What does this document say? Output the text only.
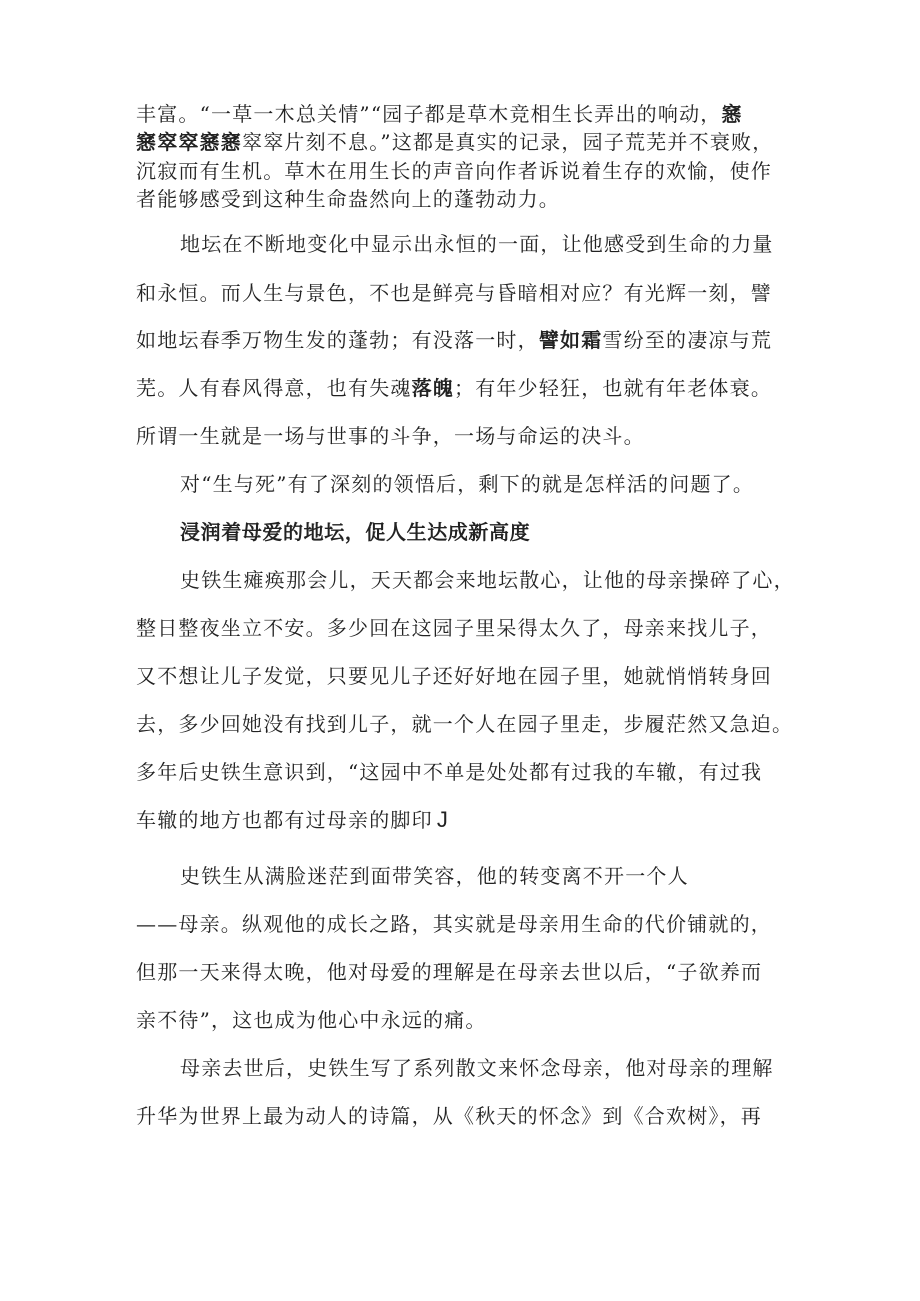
丰富。“一草一木总关情”“园子都是草木竞相生长弄出的响动，窸
窸窣窣窸窸窣窣片刻不息。”这都是真实的记录，园子荒芜并不衰败，
沉寂而有生机。草木在用生长的声音向作者诉说着生存的欢愉，使作
者能够感受到这种生命盎然向上的蓬勃动力。
地坛在不断地变化中显示出永恒的一面，让他感受到生命的力量
和永恒。而人生与景色，不也是鲜亮与昏暗相对应？有光辉一刻，譬
如地坛春季万物生发的蓬勃；有没落一时，譬如霜雪纷至的凄凉与荒
芜。人有春风得意，也有失魂落魄；有年少轻狂，也就有年老体衰。
所谓一生就是一场与世事的斗争，一场与命运的决斗。
对“生与死”有了深刻的领悟后，剩下的就是怎样活的问题了。
浸润着母爱的地坛，促人生达成新高度
史铁生瘫痪那会儿，天天都会来地坛散心，让他的母亲操碎了心，
整日整夜坐立不安。多少回在这园子里呆得太久了，母亲来找儿子，
又不想让儿子发觉，只要见儿子还好好地在园子里，她就悄悄转身回
去，多少回她没有找到儿子，就一个人在园子里走，步履茫然又急迫。
多年后史铁生意识到，“这园中不单是处处都有过我的车辙，有过我
车辙的地方也都有过母亲的脚印 J
史铁生从满脸迷茫到面带笑容，他的转变离不开一个人
——母亲。纵观他的成长之路，其实就是母亲用生命的代价铺就的，
但那一天来得太晚，他对母爱的理解是在母亲去世以后，“子欲养而
亲不待”，这也成为他心中永远的痛。
母亲去世后，史铁生写了系列散文来怀念母亲，他对母亲的理解
升华为世界上最为动人的诗篇，从《秋天的怀念》到《合欢树》，再
